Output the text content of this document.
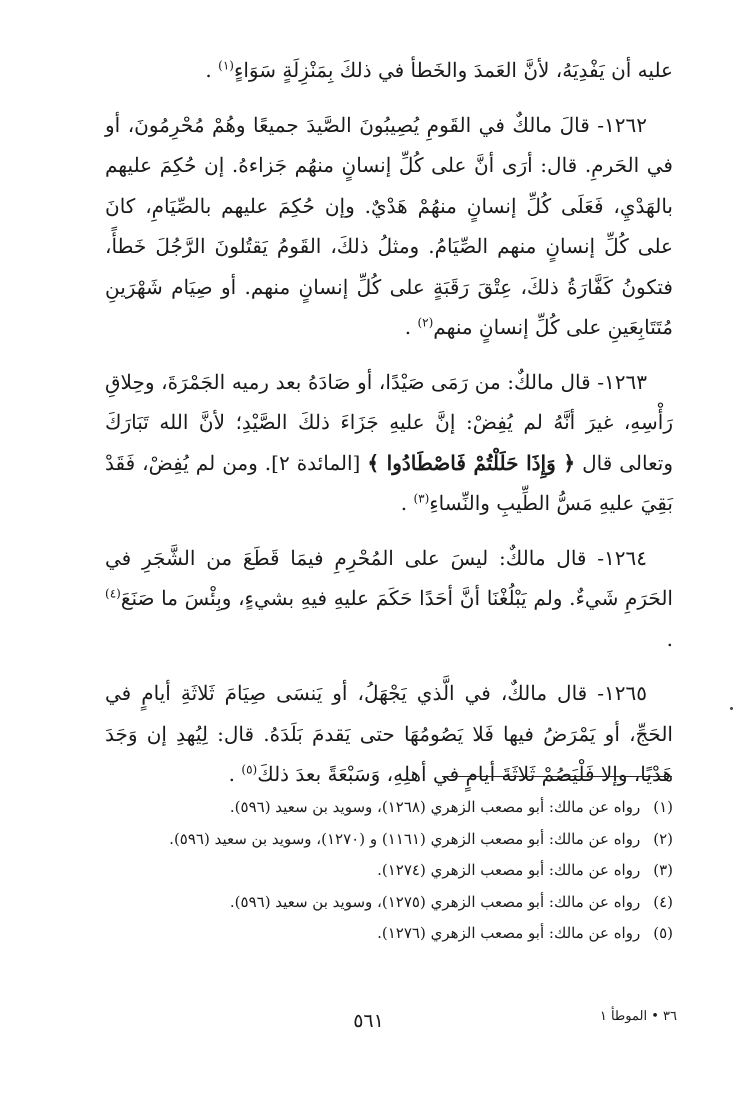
عليه أن يَفْدِيَهُ، لأنَّ العَمدَ والخَطأ في ذلكَ بِمَنْزِلَةٍ سَوَاءٍ$^{(١)}$ .

١٢٦٢- قالَ مالكٌ في القَومِ يُصِيبُونَ الصَّيدَ جميعًا وهُمْ مُحْرِمُونَ، أو في الحَرمِ. قال: أرَى أنَّ على كُلِّ إنسانٍ منهُم جَزاءهُ. إن حُكِمَ عليهم بالهَدْيِ، فَعَلَى كُلِّ إنسانٍ منهُمْ هَدْيٌ. وإن حُكِمَ عليهم بالصِّيَامِ، كانَ على كُلِّ إنسانٍ منهم الصِّيَامُ. ومثلُ ذلكَ، القَومُ يَقتُلونَ الرَّجُلَ خَطأً، فتكونُ كَفَّارَةُ ذلكَ، عِتْقَ رَقَبَةٍ على كُلِّ إنسانٍ منهم. أو صِيَام شَهْرَينِ مُتَتَابِعَينِ على كُلِّ إنسانٍ منهم$^{(٢)}$ .

١٢٦٣- قال مالكٌ: من رَمَى صَيْدًا، أو صَادَهُ بعد رميه الجَمْرَةَ، وحِلاقِ رَأْسِهِ، غيرَ أنَّهُ لم يُفِضْ: إنَّ عليهِ جَزَاءَ ذلكَ الصَّيْدِ؛ لأنَّ الله تَبَارَكَ وتعالى قال ﴿ وَإِذَا حَلَلْتُمْ فَاصْطَادُوا ﴾ [المائدة ٢]. ومن لم يُفِضْ، فَقَدْ بَقِيَ عليهِ مَسُّ الطِّيبِ والنِّساءِ$^{(٣)}$ .

١٢٦٤- قال مالكٌ: ليسَ على المُحْرِمِ فيمَا قَطَعَ من الشَّجَرِ في الحَرَمِ شَيءٌ. ولم يَبْلُغْنَا أنَّ أحَدًا حَكَمَ عليهِ فيهِ بشيءٍ، وبِئْسَ ما صَنَعَ$^{(٤)}$ .

١٢٦٥- قال مالكٌ، في الَّذي يَجْهَلُ، أو يَنسَى صِيَامَ ثَلاثَةِ أيامٍ في الحَجِّ، أو يَمْرَضُ فيها فَلا يَصُومُهَا حتى يَقدمَ بَلَدَهُ. قال: لِيُهدِ إن وَجَدَ هَدْيًا، وإلا فَلْيَصُمْ ثَلاثَةَ أيامٍ في أهلِهِ، وَسَبْعَةً بعدَ ذلكَ$^{(٥)}$ .

(١) رواه عن مالك: أبو مصعب الزهري (١٢٦٨)، وسويد بن سعيد (٥٩٦).

(٢) رواه عن مالك: أبو مصعب الزهري (١١٦١) و (١٢٧٠)، وسويد بن سعيد (٥٩٦).

(٣) رواه عن مالك: أبو مصعب الزهري (١٢٧٤).

(٤) رواه عن مالك: أبو مصعب الزهري (١٢٧٥)، وسويد بن سعيد (٥٩٦).

(٥) رواه عن مالك: أبو مصعب الزهري (١٢٧٦).

٣٦ • الموطأ ١
٥٦١
